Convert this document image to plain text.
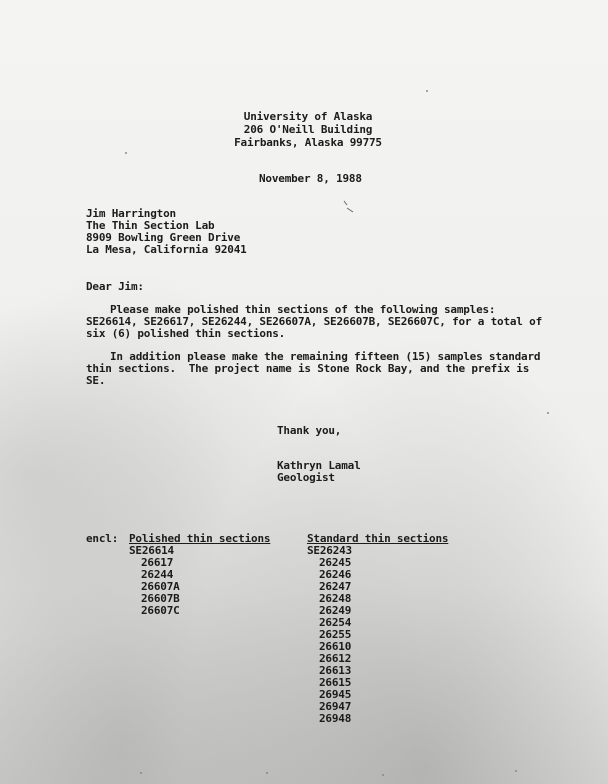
University of Alaska
206 O'Neill Building
Fairbanks, Alaska 99775
November 8, 1988
Jim Harrington
The Thin Section Lab
8909 Bowling Green Drive
La Mesa, California 92041
Dear Jim:
Please make polished thin sections of the following samples:
SE26614, SE26617, SE26244, SE26607A, SE26607B, SE26607C, for a total of
six (6) polished thin sections.
In addition please make the remaining fifteen (15) samples standard
thin sections.  The project name is Stone Rock Bay, and the prefix is
SE.
Thank you,
Kathryn Lamal
Geologist
encl: Polished thin sections	Standard thin sections
SE26614
26617
26244
26607A
26607B
26607C
SE26243
26245
26246
26247
26248
26249
26254
26255
26610
26612
26613
26615
26945
26947
26948
